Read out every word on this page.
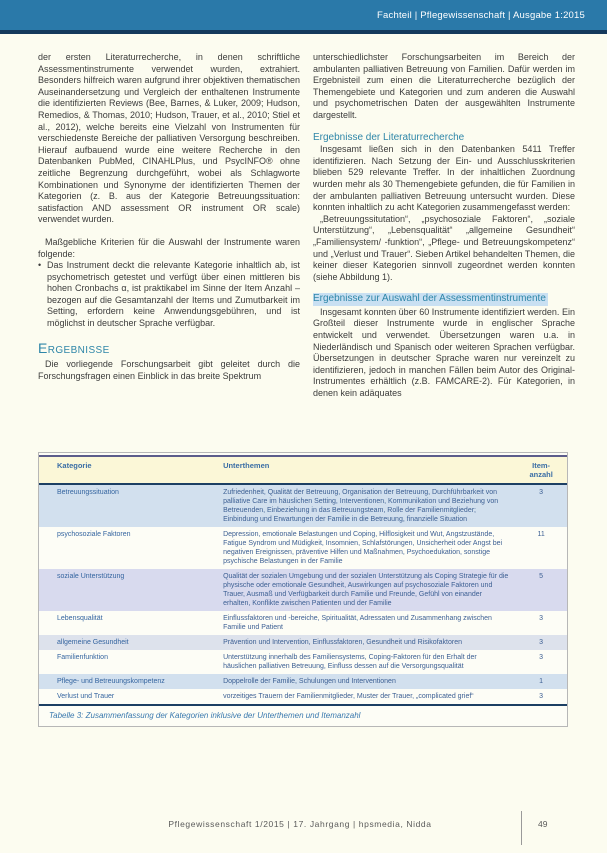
Fachteil | Pflegewissenschaft | Ausgabe 1:2015

der ersten Literaturrecherche, in denen schriftliche Assessmentinstrumente verwendet wurden, extrahiert. Besonders hilfreich waren aufgrund ihrer objektiven thematischen Auseinandersetzung und Vergleich der enthaltenen Instrumente die identifizierten Reviews (Bee, Barnes, & Luker, 2009; Hudson, Remedios, & Thomas, 2010; Hudson, Trauer, et al., 2010; Stiel et al., 2012), welche bereits eine Vielzahl von Instrumenten für verschiedenste Bereiche der palliativen Versorgung beschreiben. Hierauf aufbauend wurde eine weitere Recherche in den Datenbanken PubMed, CINAHLPlus, und PsycINFO® ohne zeitliche Begrenzung durchgeführt, wobei als Schlagworte Kombinationen und Synonyme der identifizierten Themen der Kategorien (z. B. aus der Kategorie Betreuungssituation: satisfaction AND assessment OR instrument OR scale) verwendet wurden.

Maßgebliche Kriterien für die Auswahl der Instrumente waren folgende:

• Das Instrument deckt die relevante Kategorie inhaltlich ab, ist psychometrisch getestet und verfügt über einen mittleren bis hohen Cronbachs α, ist praktikabel im Sinne der Item Anzahl – bezogen auf die Gesamtanzahl der Items und Zumutbarkeit im Setting, erfordern keine Anwendungsgebühren, und ist möglichst in deutscher Sprache verfügbar.

Ergebnisse

Die vorliegende Forschungsarbeit gibt geleitet durch die Forschungsfragen einen Einblick in das breite Spektrum

unterschiedlichster Forschungsarbeiten im Bereich der ambulanten palliativen Betreuung von Familien. Dafür werden im Ergebnisteil zum einen die Literaturrecherche bezüglich der Themengebiete und Kategorien und zum anderen die Auswahl und psychometrischen Daten der ausgewählten Instrumente dargestellt.

Ergebnisse der Literaturrecherche

Insgesamt ließen sich in den Datenbanken 5411 Treffer identifizieren. Nach Setzung der Ein- und Ausschlusskriterien blieben 529 relevante Treffer. In der inhaltlichen Zuordnung wurden mehr als 30 Themengebiete gefunden, die für Familien in der ambulanten palliativen Betreuung untersucht wurden. Diese konnten inhaltlich zu acht Kategorien zusammengefasst werden:

„Betreuungssitutation“, „psychosoziale Faktoren“, „soziale Unterstützung“, „Lebensqualität“ „allgemeine Gesundheit“ „Familiensystem/ -funktion“, „Pflege- und Betreuungskompetenz“ und „Verlust und Trauer“. Sieben Artikel behandelten Themen, die keiner dieser Kategorien sinnvoll zugeordnet werden konnten (siehe Abbildung 1).

Ergebnisse zur Auswahl der Assessmentinstrumente

Insgesamt konnten über 60 Instrumente identifiziert werden. Ein Großteil dieser Instrumente wurde in englischer Sprache entwickelt und verwendet. Übersetzungen waren u.a. in Niederländisch und Spanisch oder weiteren Sprachen verfügbar. Übersetzungen in deutscher Sprache waren nur vereinzelt zu identifizieren, jedoch in manchen Fällen beim Autor des Original-Instrumentes erhältlich (z.B. FAMCARE-2). Für Kategorien, in denen kein adäquates

Kategorie	Unterthemen	Item-anzahl
Betreuungssituation	Zufriedenheit, Qualität der Betreuung, Organisation der Betreuung, Durchführbarkeit von palliative Care im häuslichen Setting, Interventionen, Kommunikation und Beziehung von Betreuenden, Einbeziehung in das Betreuungsteam, Rolle der Familienmitglieder; Einbindung und Erwartungen der Familie in die Betreuung, finanzielle Situation	3
psychosoziale Faktoren	Depression, emotionale Belastungen und Coping, Hilflosigkeit und Wut, Angstzustände, Fatigue Syndrom und Müdigkeit, Insomnien, Schlafstörungen, Unsicherheit oder Angst bei negativen Ereignissen, präventive Hilfen und Maßnahmen, Psychoedukation, sonstige psychische Belastungen in der Familie	11
soziale Unterstützung	Qualität der sozialen Umgebung und der sozialen Unterstützung als Coping Strategie für die physische oder emotionale Gesundheit, Auswirkungen auf psychosoziale Faktoren und Trauer, Ausmaß und Verfügbarkeit durch Familie und Freunde, Gefühl von einander erhalten, Konflikte zwischen Patienten und der Familie	5
Lebensqualität	Einflussfaktoren und -bereiche, Spiritualität, Adressaten und Zusammenhang zwischen Familie und Patient	3
allgemeine Gesundheit	Prävention und Intervention, Einflussfaktoren, Gesundheit und Risikofaktoren	3
Familienfunktion	Unterstützung innerhalb des Familiensystems, Coping-Faktoren für den Erhalt der häuslichen palliativen Betreuung, Einfluss dessen auf die Versorgungsqualität	3
Pflege- und Betreuungskompetenz	Doppelrolle der Familie, Schulungen und Interventionen	1
Verlust und Trauer	vorzeitiges Trauern der Familienmitglieder, Muster der Trauer, „complicated grief“	3
Tabelle 3: Zusammenfassung der Kategorien inklusive der Unterthemen und Itemanzahl
Pflegewissenschaft 1/2015 | 17. Jahrgang | hpsmedia, Nidda	49
